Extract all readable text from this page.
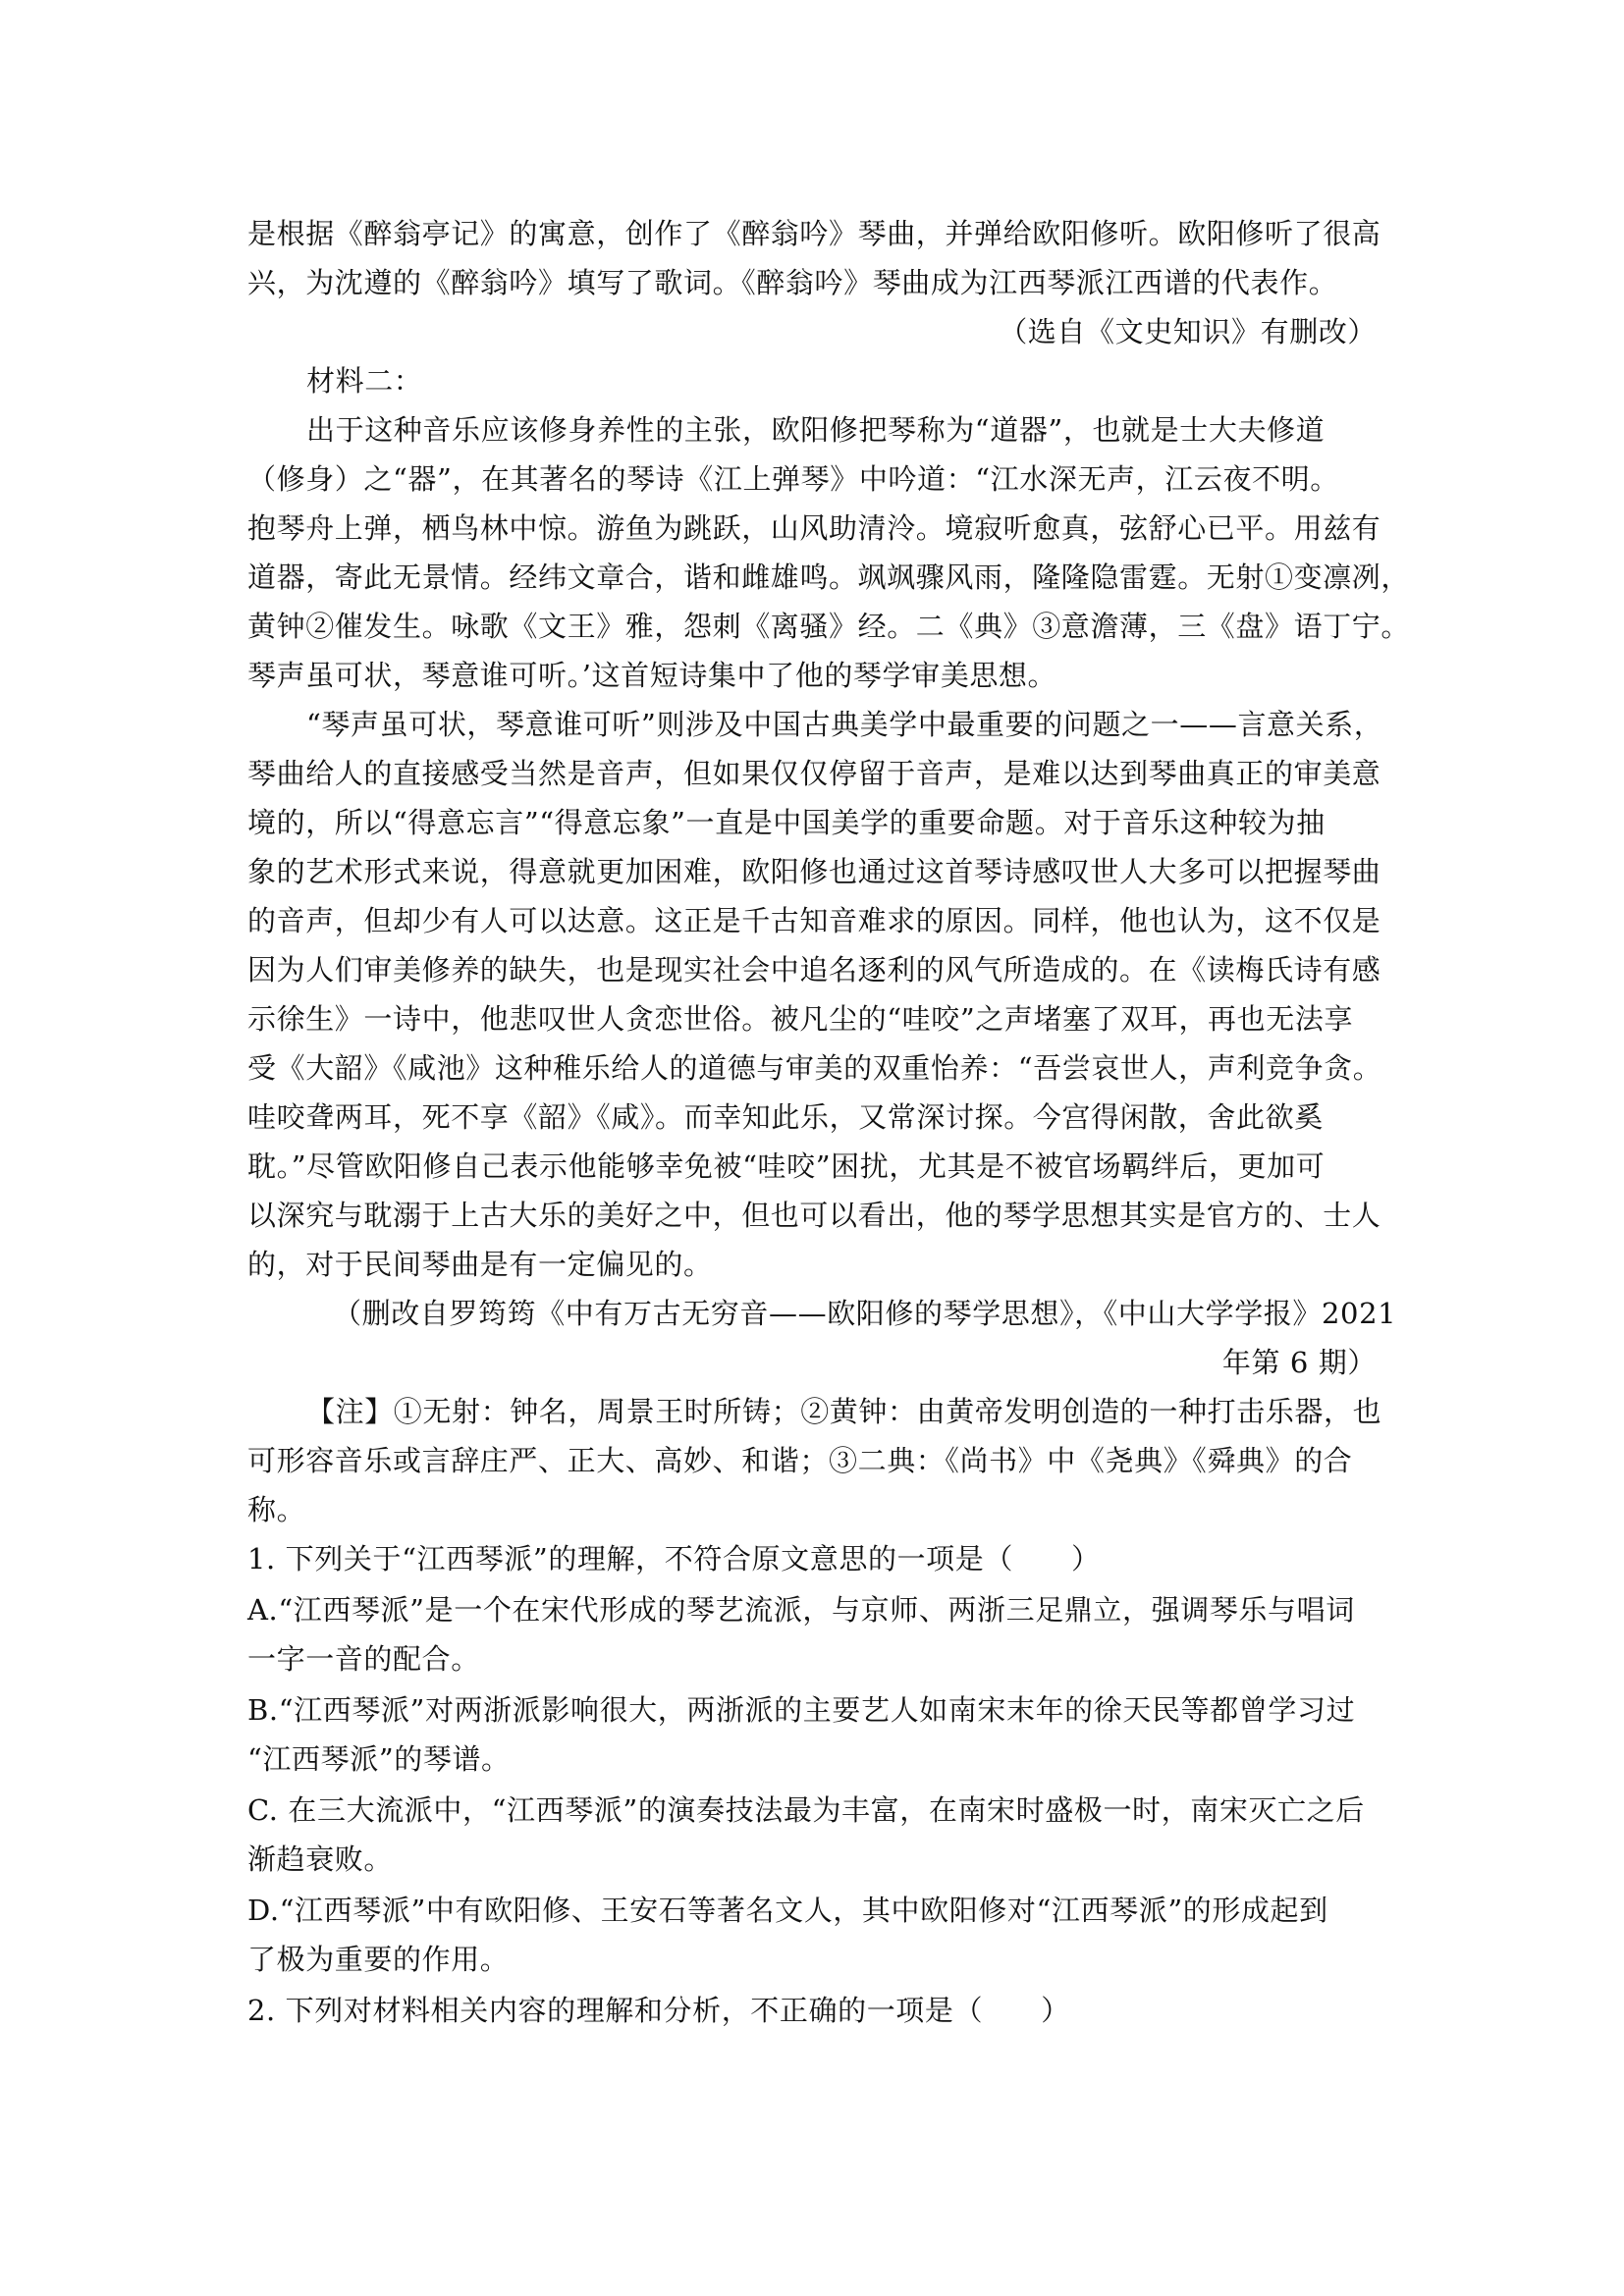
是根据《醉翁亭记》的寓意，创作了《醉翁吟》琴曲，并弹给欧阳修听。欧阳修听了很高

兴，为沈遵的《醉翁吟》填写了歌词。《醉翁吟》琴曲成为江西琴派江西谱的代表作。

（选自《文史知识》有删改）

材料二：

出于这种音乐应该修身养性的主张，欧阳修把琴称为“道器”，也就是士大夫修道

（修身）之“器”，在其著名的琴诗《江上弹琴》中吟道：“江水深无声，江云夜不明。

抱琴舟上弹，栖鸟林中惊。游鱼为跳跃，山风助清泠。境寂听愈真，弦舒心已平。用兹有

道器，寄此无景情。经纬文章合，谐和雌雄鸣。飒飒骤风雨，隆隆隐雷霆。无射①变凛冽，

黄钟②催发生。咏歌《文王》雅，怨刺《离骚》经。二《典》③意澹薄，三《盘》语丁宁。

琴声虽可状，琴意谁可听。’这首短诗集中了他的琴学审美思想。

“琴声虽可状，琴意谁可听”则涉及中国古典美学中最重要的问题之一——言意关系，

琴曲给人的直接感受当然是音声，但如果仅仅停留于音声，是难以达到琴曲真正的审美意

境的，所以“得意忘言”“得意忘象”一直是中国美学的重要命题。对于音乐这种较为抽

象的艺术形式来说，得意就更加困难，欧阳修也通过这首琴诗感叹世人大多可以把握琴曲

的音声，但却少有人可以达意。这正是千古知音难求的原因。同样，他也认为，这不仅是

因为人们审美修养的缺失，也是现实社会中追名逐利的风气所造成的。在《读梅氏诗有感

示徐生》一诗中，他悲叹世人贪恋世俗。被凡尘的“哇咬”之声堵塞了双耳，再也无法享

受《大韶》《咸池》这种稚乐给人的道德与审美的双重怡养：“吾尝哀世人，声利竞争贪。

哇咬聋两耳，死不享《韶》《咸》。而幸知此乐，又常深讨探。今宫得闲散，舍此欲奚

耽。”尽管欧阳修自己表示他能够幸免被“哇咬”困扰，尤其是不被官场羁绊后，更加可

以深究与耽溺于上古大乐的美好之中，但也可以看出，他的琴学思想其实是官方的、士人

的，对于民间琴曲是有一定偏见的。

（删改自罗筠筠《中有万古无穷音——欧阳修的琴学思想》，《中山大学学报》2021

年第 6 期）

【注】①无射：钟名，周景王时所铸；②黄钟：由黄帝发明创造的一种打击乐器，也

可形容音乐或言辞庄严、正大、高妙、和谐；③二典：《尚书》中《尧典》《舜典》的合

称。

1. 下列关于“江西琴派”的理解，不符合原文意思的一项是（　　）

A.“江西琴派”是一个在宋代形成的琴艺流派，与京师、两浙三足鼎立，强调琴乐与唱词

一字一音的配合。

B.“江西琴派”对两浙派影响很大，两浙派的主要艺人如南宋末年的徐天民等都曾学习过

“江西琴派”的琴谱。

C. 在三大流派中，“江西琴派”的演奏技法最为丰富，在南宋时盛极一时，南宋灭亡之后

渐趋衰败。

D.“江西琴派”中有欧阳修、王安石等著名文人，其中欧阳修对“江西琴派”的形成起到

了极为重要的作用。

2. 下列对材料相关内容的理解和分析，不正确的一项是（　　）
